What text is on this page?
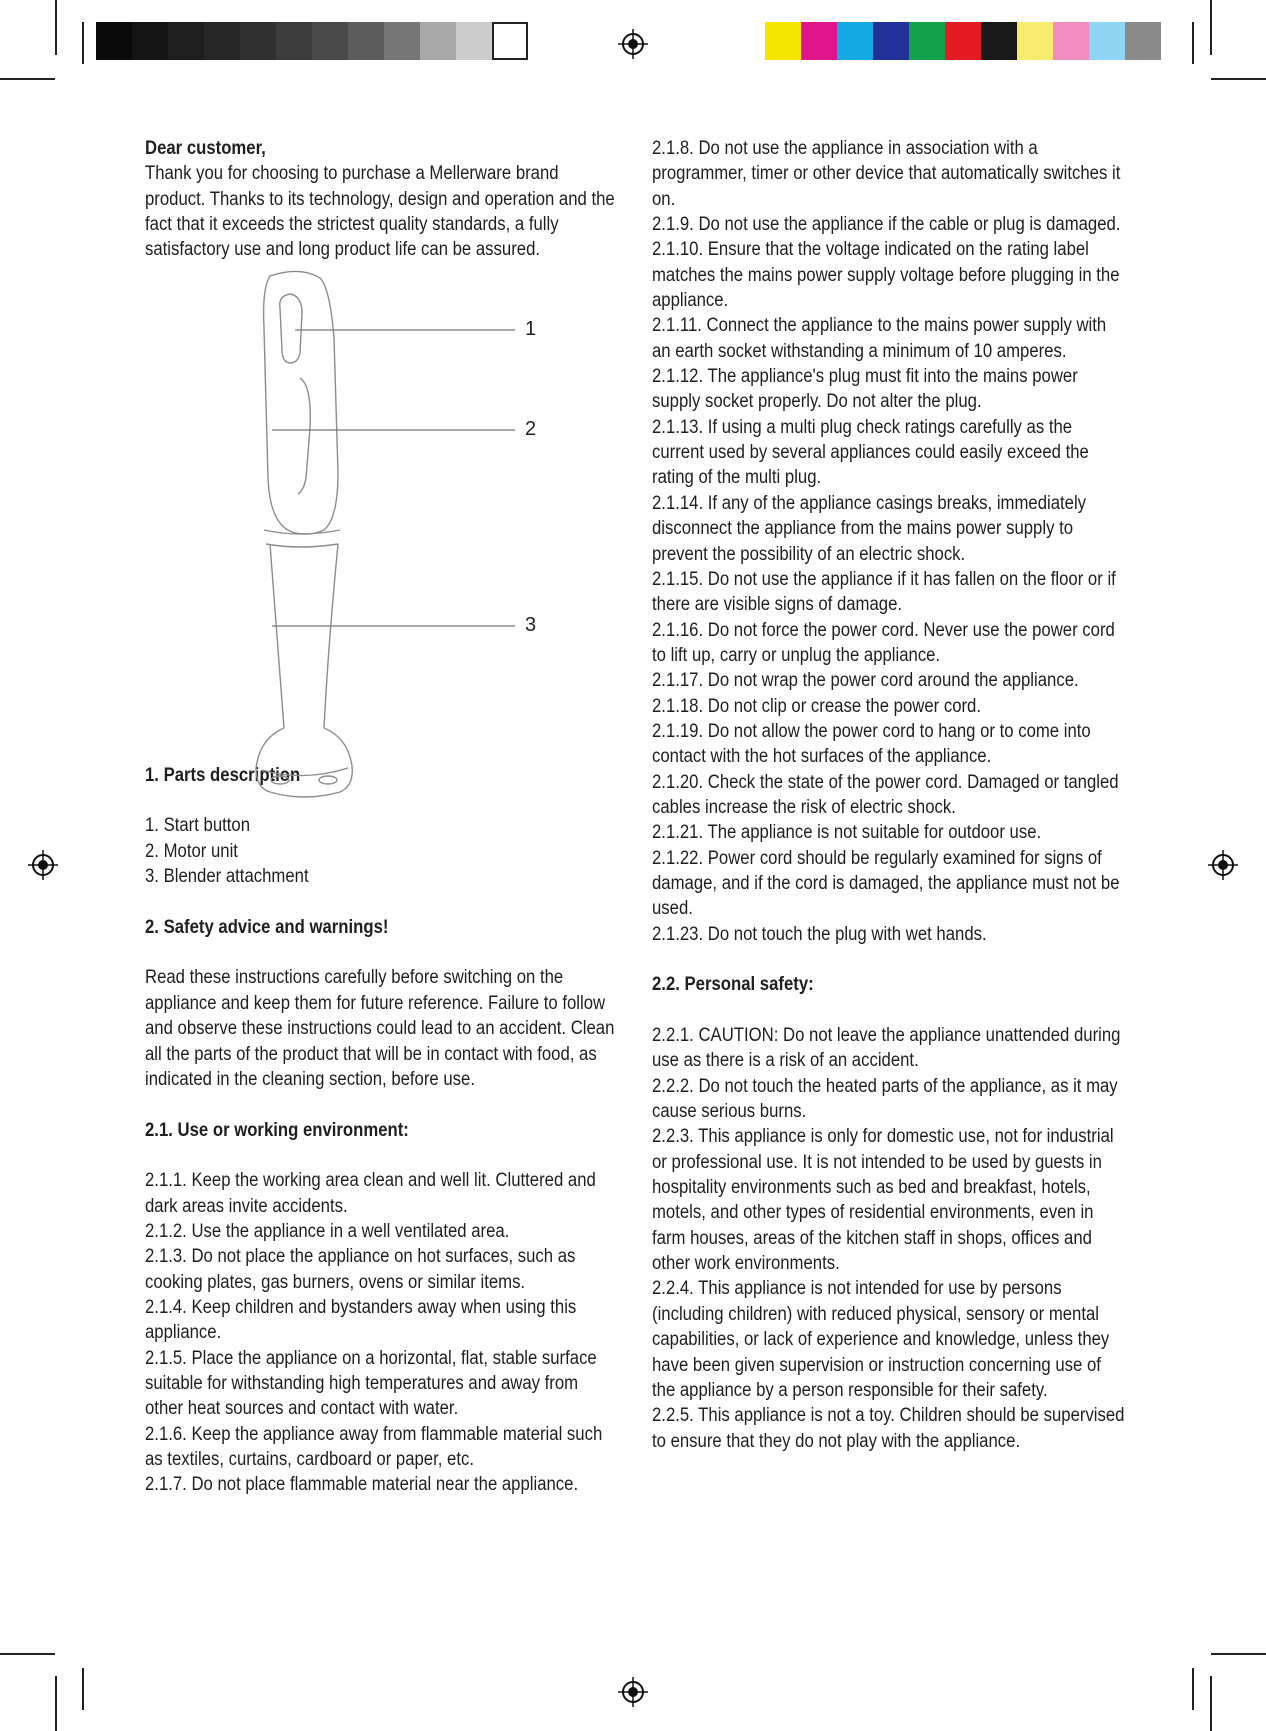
Dear customer,

Thank you for choosing to purchase a Mellerware brand product. Thanks to its technology, design and operation and the fact that it exceeds the strictest quality standards, a fully satisfactory use and long product life can be assured.

1. Parts description

1. Start button

2. Motor unit

3. Blender attachment

2. Safety advice and warnings!

Read these instructions carefully before switching on the appliance and keep them for future reference. Failure to follow and observe these instructions could lead to an accident. Clean all the parts of the product that will be in contact with food, as indicated in the cleaning section, before use.

2.1. Use or working environment:

2.1.1. Keep the working area clean and well lit. Cluttered and dark areas invite accidents.

2.1.2. Use the appliance in a well ventilated area.

2.1.3. Do not place the appliance on hot surfaces, such as cooking plates, gas burners, ovens or similar items.

2.1.4. Keep children and bystanders away when using this appliance.

2.1.5. Place the appliance on a horizontal, flat, stable surface suitable for withstanding high temperatures and away from other heat sources and contact with water.

2.1.6. Keep the appliance away from flammable material such as textiles, curtains, cardboard or paper, etc.

2.1.7. Do not place flammable material near the appliance.

1
2
3

2.1.8. Do not use the appliance in association with a programmer, timer or other device that automatically switches it on.

2.1.9. Do not use the appliance if the cable or plug is damaged.

2.1.10. Ensure that the voltage indicated on the rating label matches the mains power supply voltage before plugging in the appliance.

2.1.11. Connect the appliance to the mains power supply with an earth socket withstanding a minimum of 10 amperes.

2.1.12. The appliance's plug must fit into the mains power supply socket properly. Do not alter the plug.

2.1.13. If using a multi plug check ratings carefully as the current used by several appliances could easily exceed the rating of the multi plug.

2.1.14. If any of the appliance casings breaks, immediately disconnect the appliance from the mains power supply to prevent the possibility of an electric shock.

2.1.15. Do not use the appliance if it has fallen on the floor or if there are visible signs of damage.

2.1.16. Do not force the power cord. Never use the power cord to lift up, carry or unplug the appliance.

2.1.17. Do not wrap the power cord around the appliance.

2.1.18. Do not clip or crease the power cord.

2.1.19. Do not allow the power cord to hang or to come into contact with the hot surfaces of the appliance.

2.1.20. Check the state of the power cord. Damaged or tangled cables increase the risk of electric shock.

2.1.21. The appliance is not suitable for outdoor use.

2.1.22. Power cord should be regularly examined for signs of damage, and if the cord is damaged, the appliance must not be used.

2.1.23. Do not touch the plug with wet hands.

2.2. Personal safety:

2.2.1. CAUTION: Do not leave the appliance unattended during use as there is a risk of an accident.

2.2.2. Do not touch the heated parts of the appliance, as it may cause serious burns.

2.2.3. This appliance is only for domestic use, not for industrial or professional use. It is not intended to be used by guests in hospitality environments such as bed and breakfast, hotels, motels, and other types of residential environments, even in farm houses, areas of the kitchen staff in shops, offices and other work environments.

2.2.4. This appliance is not intended for use by persons (including children) with reduced physical, sensory or mental capabilities, or lack of experience and knowledge, unless they have been given supervision or instruction concerning use of the appliance by a person responsible for their safety.

2.2.5. This appliance is not a toy. Children should be supervised to ensure that they do not play with the appliance.
